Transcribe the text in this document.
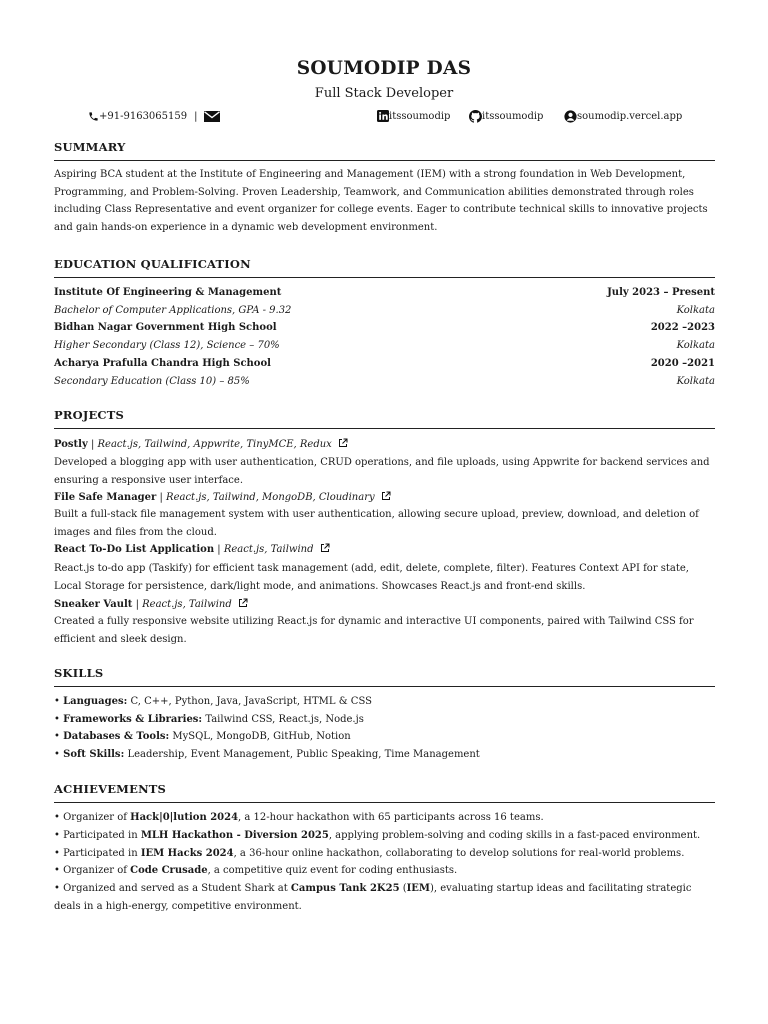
SOUMODIP DAS
Full Stack Developer
+91-9163065159 |	itssoumodip	itssoumodip	soumodip.vercel.app
SUMMARY
Aspiring BCA student at the Institute of Engineering and Management (IEM) with a strong foundation in Web Development, Programming, and Problem-Solving. Proven Leadership, Teamwork, and Communication abilities demonstrated through roles including Class Representative and event organizer for college events. Eager to contribute technical skills to innovative projects and gain hands-on experience in a dynamic web development environment.
EDUCATION QUALIFICATION
Institute Of Engineering & Management	July 2023 – Present
Bachelor of Computer Applications, GPA - 9.32	Kolkata
Bidhan Nagar Government High School	2022 –2023
Higher Secondary (Class 12), Science – 70%	Kolkata
Acharya Prafulla Chandra High School	2020 –2021
Secondary Education (Class 10) – 85%	Kolkata
PROJECTS
Postly | React.js, Tailwind, Appwrite, TinyMCE, Redux
Developed a blogging app with user authentication, CRUD operations, and file uploads, using Appwrite for backend services and ensuring a responsive user interface.
File Safe Manager | React.js, Tailwind, MongoDB, Cloudinary
Built a full-stack file management system with user authentication, allowing secure upload, preview, download, and deletion of images and files from the cloud.
React To-Do List Application | React.js, Tailwind
React.js to-do app (Taskify) for efficient task management (add, edit, delete, complete, filter). Features Context API for state, Local Storage for persistence, dark/light mode, and animations. Showcases React.js and front-end skills.
Sneaker Vault | React.js, Tailwind
Created a fully responsive website utilizing React.js for dynamic and interactive UI components, paired with Tailwind CSS for efficient and sleek design.
SKILLS
• Languages: C, C++, Python, Java, JavaScript, HTML & CSS
• Frameworks & Libraries: Tailwind CSS, React.js, Node.js
• Databases & Tools: MySQL, MongoDB, GitHub, Notion
• Soft Skills: Leadership, Event Management, Public Speaking, Time Management
ACHIEVEMENTS
• Organizer of Hack|0|lution 2024, a 12-hour hackathon with 65 participants across 16 teams.
• Participated in MLH Hackathon - Diversion 2025, applying problem-solving and coding skills in a fast-paced environment.
• Participated in IEM Hacks 2024, a 36-hour online hackathon, collaborating to develop solutions for real-world problems.
• Organizer of Code Crusade, a competitive quiz event for coding enthusiasts.
• Organized and served as a Student Shark at Campus Tank 2K25 (IEM), evaluating startup ideas and facilitating strategic deals in a high-energy, competitive environment.
